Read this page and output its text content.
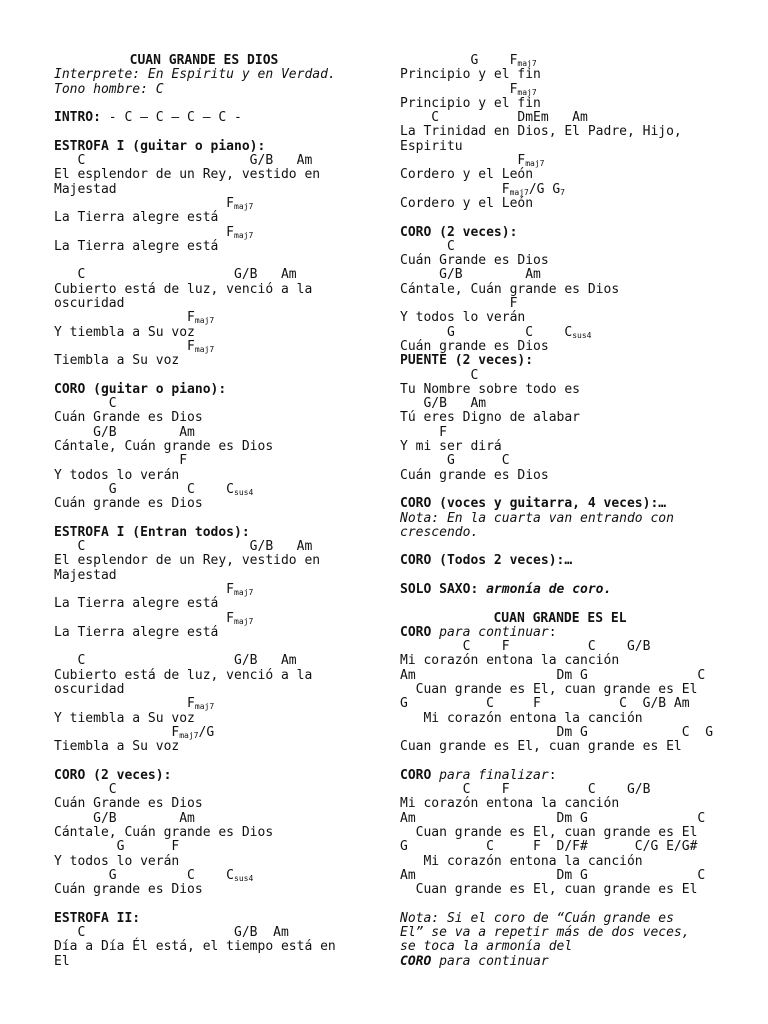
CUAN GRANDE ES DIOS
Interprete: En Espiritu y en Verdad.
Tono hombre: C
INTRO: - C – C – C – C -
ESTROFA I (guitar o piano):
C                     G/B   Am
El esplendor de un Rey, vestido en
Majestad
$F_{maj7}$
La Tierra alegre está
$F_{maj7}$
La Tierra alegre está
C                   G/B   Am
Cubierto está de luz, venció a la
oscuridad
$F_{maj7}$
Y tiembla a Su voz
$F_{maj7}$
Tiembla a Su voz
CORO (guitar o piano):
C
Cuán Grande es Dios
G/B        Am
Cántale, Cuán grande es Dios
F
Y todos lo verán
G         C    $C_{sus4}$
Cuán grande es Dios
ESTROFA I (Entran todos):
C                     G/B   Am
El esplendor de un Rey, vestido en
Majestad
$F_{maj7}$
La Tierra alegre está
$F_{maj7}$
La Tierra alegre está
C                   G/B   Am
Cubierto está de luz, venció a la
oscuridad
$F_{maj7}$
Y tiembla a Su voz
$F_{maj7}/G$
Tiembla a Su voz
CORO (2 veces):
C
Cuán Grande es Dios
G/B        Am
Cántale, Cuán grande es Dios
G      F
Y todos lo verán
G         C    $C_{sus4}$
Cuán grande es Dios
ESTROFA II:
C                   G/B  Am
Día a Día Él está, el tiempo está en
El
G    $F_{maj7}$
Principio y el fin
$F_{maj7}$
Principio y el fin
C          DmEm   Am
La Trinidad en Dios, El Padre, Hijo,
Espiritu
$F_{maj7}$
Cordero y el León
$F_{maj7}/G$ $G_7$
Cordero y el León
CORO (2 veces):
C
Cuán Grande es Dios
G/B        Am
Cántale, Cuán grande es Dios
F
Y todos lo verán
G         C    $C_{sus4}$
Cuán grande es Dios
PUENTE (2 veces):
C
Tu Nombre sobre todo es
G/B   Am
Tú eres Digno de alabar
F
Y mi ser dirá
G      C
Cuán grande es Dios
CORO (voces y guitarra, 4 veces):…
Nota: En la cuarta van entrando con
crescendo.
CORO (Todos 2 veces):…
SOLO SAXO: armonía de coro.
CUAN GRANDE ES EL
CORO para continuar:
C    F          C    G/B
Mi corazón entona la canción
Am                  Dm G              C
Cuan grande es El, cuan grande es El
G          C     F          C  G/B Am
Mi corazón entona la canción
Dm G            C  G
Cuan grande es El, cuan grande es El
CORO para finalizar:
C    F          C    G/B
Mi corazón entona la canción
Am                  Dm G              C
Cuan grande es El, cuan grande es El
G          C     F  D/F#      C/G E/G#
Mi corazón entona la canción
Am                  Dm G              C
Cuan grande es El, cuan grande es El
Nota: Si el coro de “Cuán grande es
El” se va a repetir más de dos veces,
se toca la armonía del
CORO para continuar
